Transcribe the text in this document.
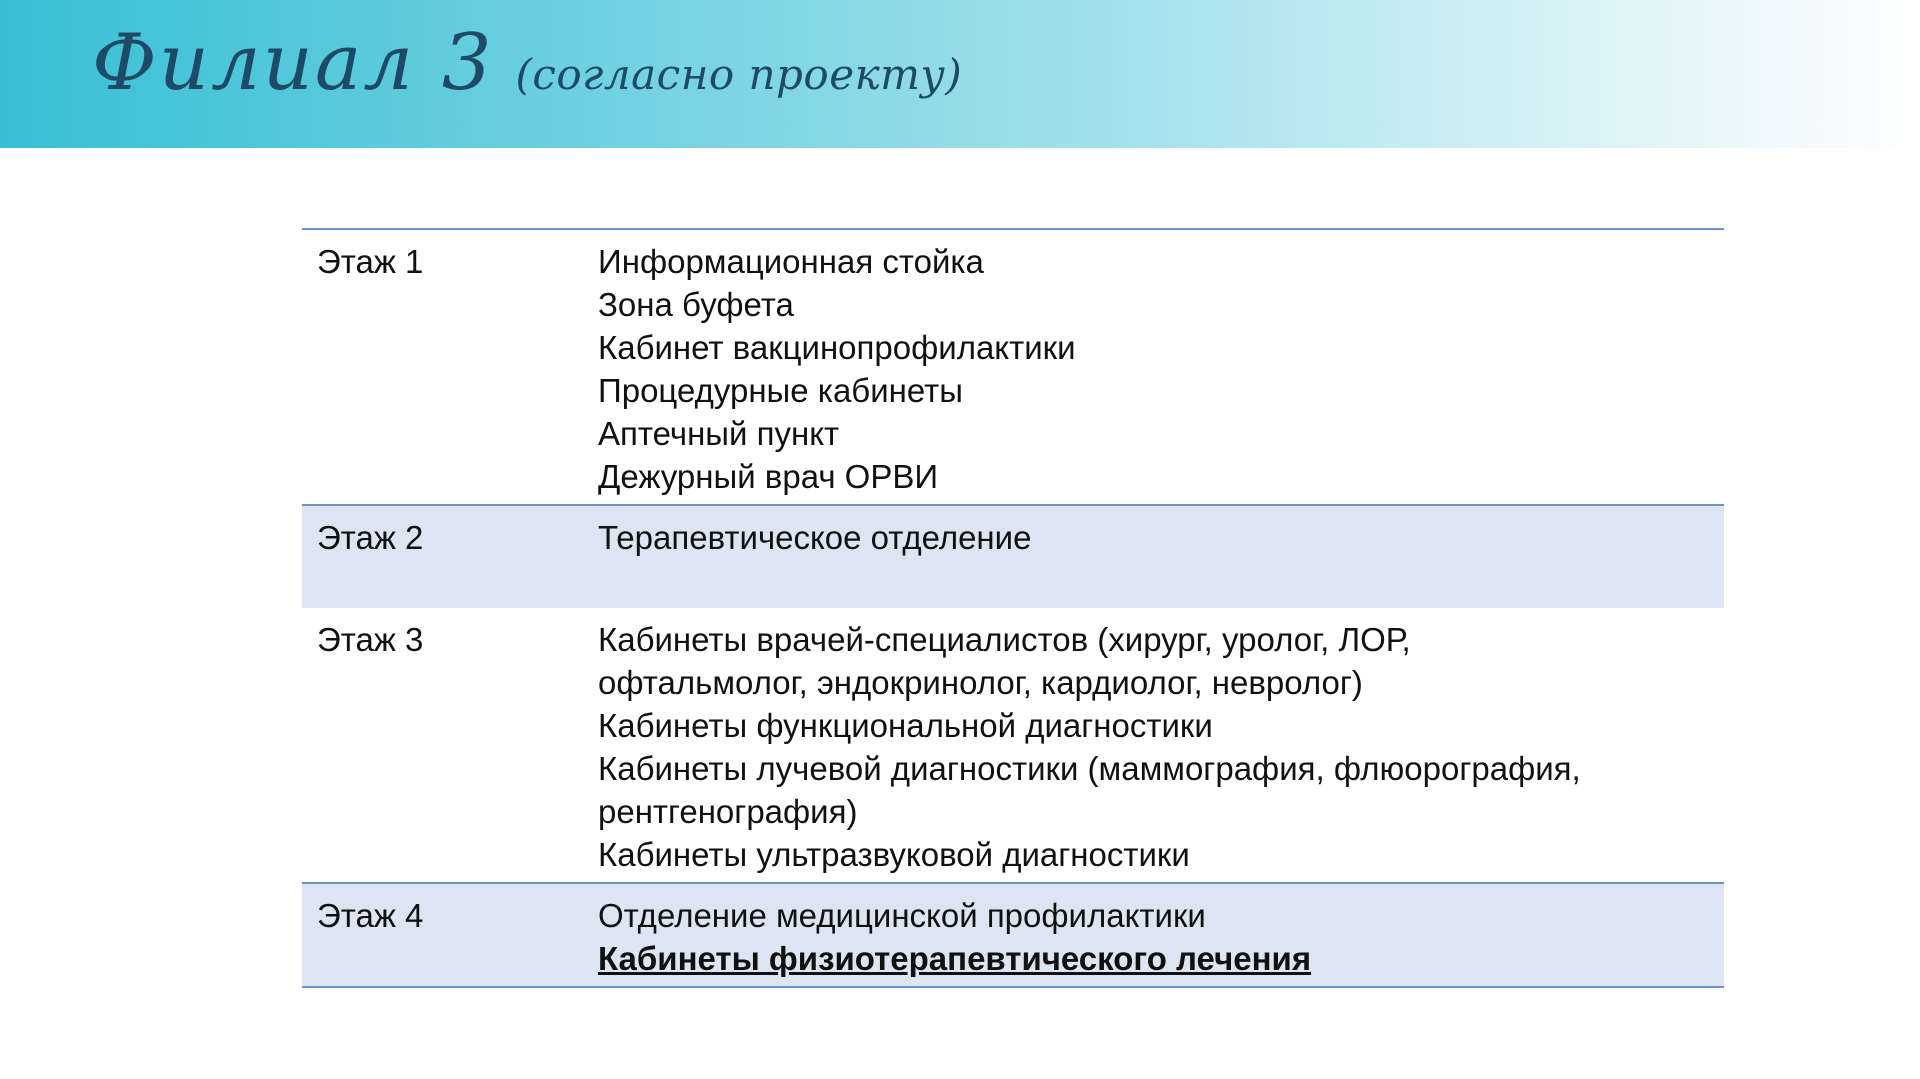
Филиал 3 (согласно проекту)
Этаж 1	Информационная стойка
Зона буфета
Кабинет вакцинопрофилактики
Процедурные кабинеты
Аптечный пункт
Дежурный врач ОРВИ
Этаж 2	Терапевтическое отделение

Этаж 3	Кабинеты врачей-специалистов (хирург, уролог, ЛОР,
офтальмолог, эндокринолог, кардиолог, невролог)
Кабинеты функциональной диагностики
Кабинеты лучевой диагностики (маммография, флюорография,
рентгенография)
Кабинеты ультразвуковой диагностики
Этаж 4	Отделение медицинской профилактики
Кабинеты физиотерапевтического лечения
